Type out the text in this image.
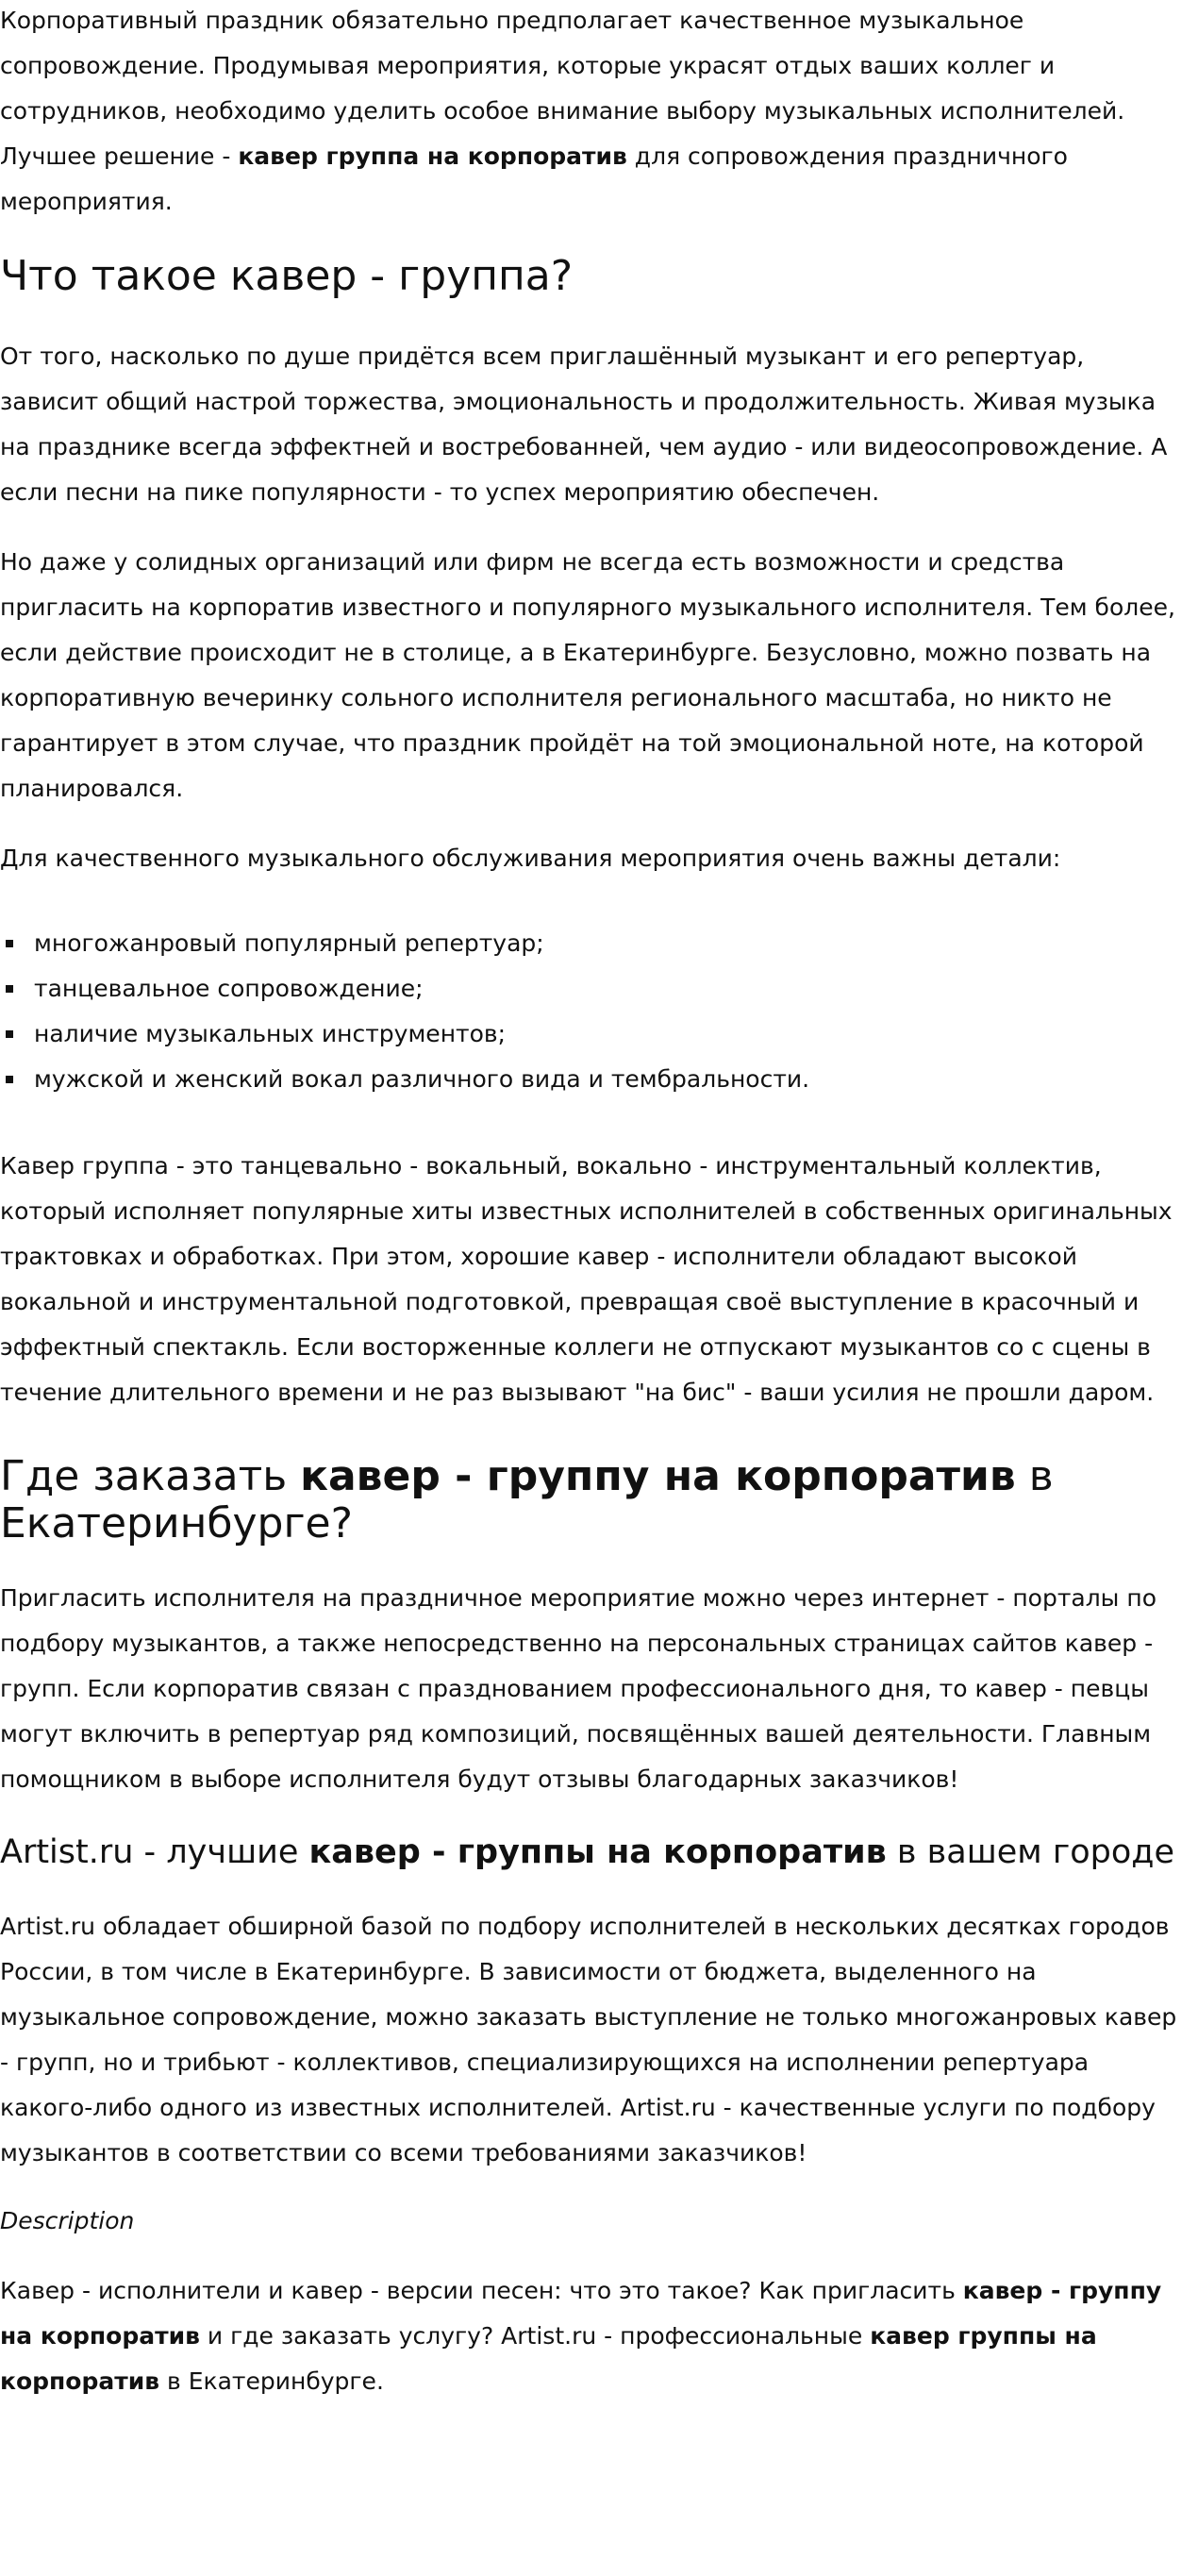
Корпоративный праздник обязательно предполагает качественное музыкальное сопровождение. Продумывая мероприятия, которые украсят отдых ваших коллег и сотрудников, необходимо уделить особое внимание выбору музыкальных исполнителей. Лучшее решение - кавер группа на корпоратив для сопровождения праздничного мероприятия.

Что такое кавер - группа?

От того, насколько по душе придётся всем приглашённый музыкант и его репертуар, зависит общий настрой торжества, эмоциональность и продолжительность. Живая музыка на празднике всегда эффектней и востребованней, чем аудио - или видеосопровождение. А если песни на пике популярности - то успех мероприятию обеспечен.

Но даже у солидных организаций или фирм не всегда есть возможности и средства пригласить на корпоратив известного и популярного музыкального исполнителя. Тем более, если действие происходит не в столице, а в Екатеринбурге. Безусловно, можно позвать на корпоративную вечеринку сольного исполнителя регионального масштаба, но никто не гарантирует в этом случае, что праздник пройдёт на той эмоциональной ноте, на которой планировался.

Для качественного музыкального обслуживания мероприятия очень важны детали:

многожанровый популярный репертуар;
танцевальное сопровождение;
наличие музыкальных инструментов;
мужской и женский вокал различного вида и тембральности.

Кавер группа - это танцевально - вокальный, вокально - инструментальный коллектив, который исполняет популярные хиты известных исполнителей в собственных оригинальных трактовках и обработках. При этом, хорошие кавер - исполнители обладают высокой вокальной и инструментальной подготовкой, превращая своё выступление в красочный и эффектный спектакль. Если восторженные коллеги не отпускают музыкантов со с сцены в течение длительного времени и не раз вызывают "на бис" - ваши усилия не прошли даром.

Где заказать кавер - группу на корпоратив в Екатеринбурге?

Пригласить исполнителя на праздничное мероприятие можно через интернет - порталы по подбору музыкантов, а также непосредственно на персональных страницах сайтов кавер - групп. Если корпоратив связан с празднованием профессионального дня, то кавер - певцы могут включить в репертуар ряд композиций, посвящённых вашей деятельности. Главным помощником в выборе исполнителя будут отзывы благодарных заказчиков!

Artist.ru - лучшие кавер - группы на корпоратив в вашем городе

Artist.ru обладает обширной базой по подбору исполнителей в нескольких десятках городов России, в том числе в Екатеринбурге. В зависимости от бюджета, выделенного на музыкальное сопровождение, можно заказать выступление не только многожанровых кавер - групп, но и трибьют - коллективов, специализирующихся на исполнении репертуара какого-либо одного из известных исполнителей. Artist.ru - качественные услуги по подбору музыкантов в соответствии со всеми требованиями заказчиков!

Description

Кавер - исполнители и кавер - версии песен: что это такое? Как пригласить кавер - группу на корпоратив и где заказать услугу? Artist.ru - профессиональные кавер группы на корпоратив в Екатеринбурге.
